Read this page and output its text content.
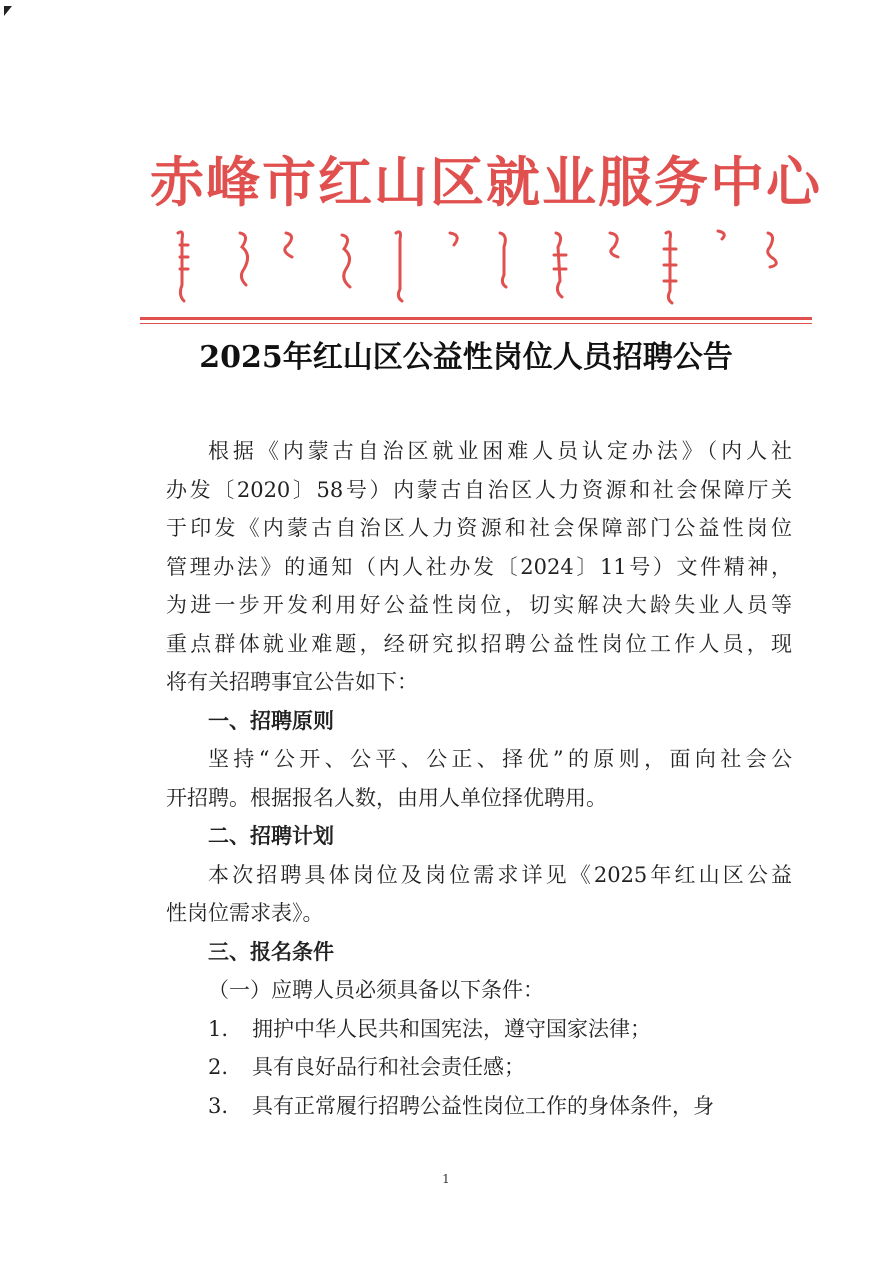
赤峰市红山区就业服务中心
2025年红山区公益性岗位人员招聘公告

根据《内蒙古自治区就业困难人员认定办法》（内人社

办发〔2020〕58号）内蒙古自治区人力资源和社会保障厅关

于印发《内蒙古自治区人力资源和社会保障部门公益性岗位

管理办法》的通知（内人社办发〔2024〕11号）文件精神，

为进一步开发利用好公益性岗位，切实解决大龄失业人员等

重点群体就业难题，经研究拟招聘公益性岗位工作人员，现

将有关招聘事宜公告如下：

一、招聘原则

坚持“公开、公平、公正、择优”的原则，面向社会公

开招聘。根据报名人数，由用人单位择优聘用。

二、招聘计划

本次招聘具体岗位及岗位需求详见《2025年红山区公益

性岗位需求表》。

三、报名条件

（一）应聘人员必须具备以下条件：

1.	拥护中华人民共和国宪法，遵守国家法律；
2.	具有良好品行和社会责任感；
3.	具有正常履行招聘公益性岗位工作的身体条件，身
1
